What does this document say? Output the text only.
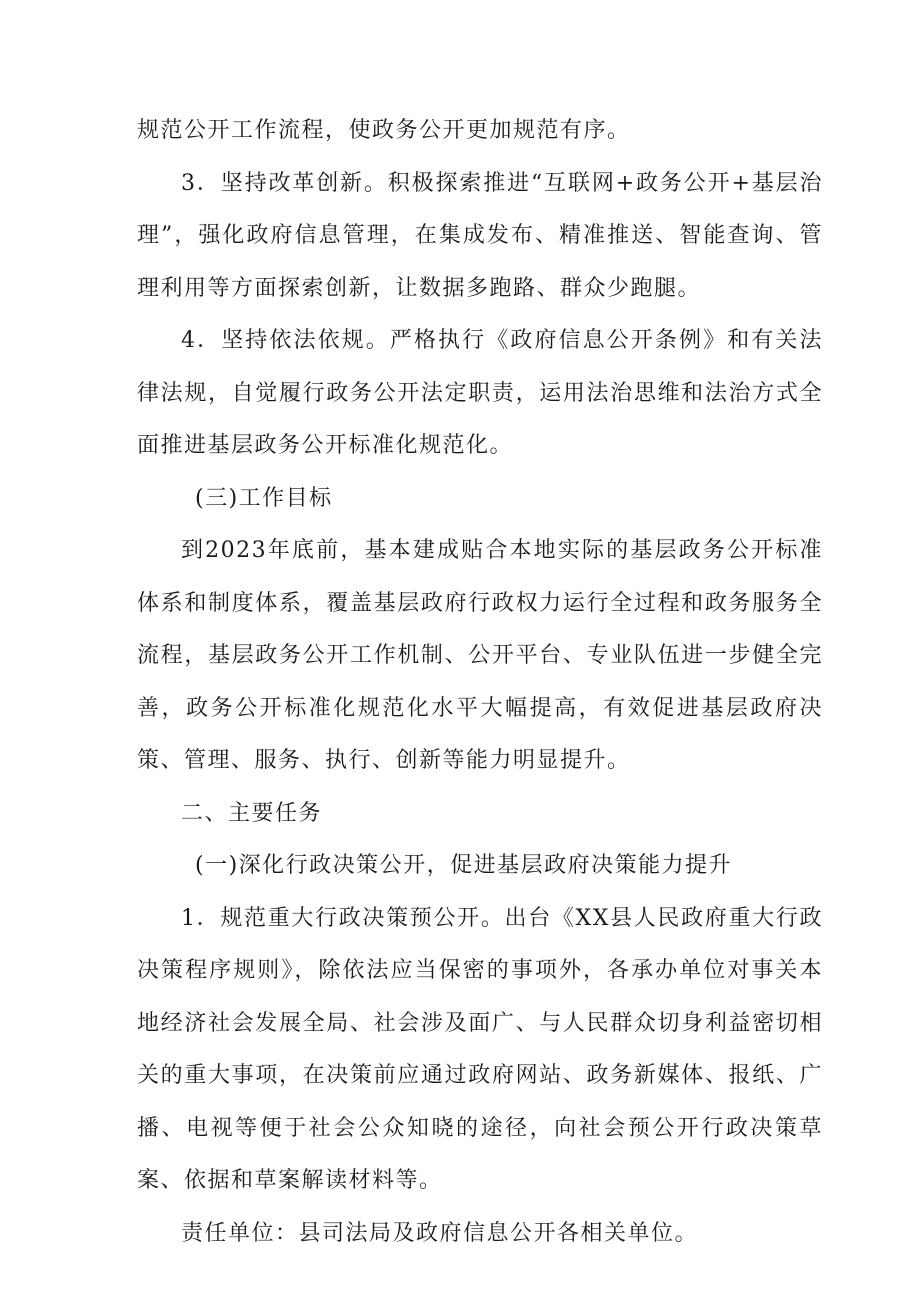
规范公开工作流程，使政务公开更加规范有序。

3．坚持改革创新。积极探索推进“互联网+政务公开+基层治理”，强化政府信息管理，在集成发布、精准推送、智能查询、管理利用等方面探索创新，让数据多跑路、群众少跑腿。

4．坚持依法依规。严格执行《政府信息公开条例》和有关法律法规，自觉履行政务公开法定职责，运用法治思维和法治方式全面推进基层政务公开标准化规范化。

(三)工作目标

到2023年底前，基本建成贴合本地实际的基层政务公开标准体系和制度体系，覆盖基层政府行政权力运行全过程和政务服务全流程，基层政务公开工作机制、公开平台、专业队伍进一步健全完善，政务公开标准化规范化水平大幅提高，有效促进基层政府决策、管理、服务、执行、创新等能力明显提升。

二、主要任务

(一)深化行政决策公开，促进基层政府决策能力提升

1．规范重大行政决策预公开。出台《XX县人民政府重大行政决策程序规则》，除依法应当保密的事项外，各承办单位对事关本地经济社会发展全局、社会涉及面广、与人民群众切身利益密切相关的重大事项，在决策前应通过政府网站、政务新媒体、报纸、广播、电视等便于社会公众知晓的途径，向社会预公开行政决策草案、依据和草案解读材料等。

责任单位：县司法局及政府信息公开各相关单位。
